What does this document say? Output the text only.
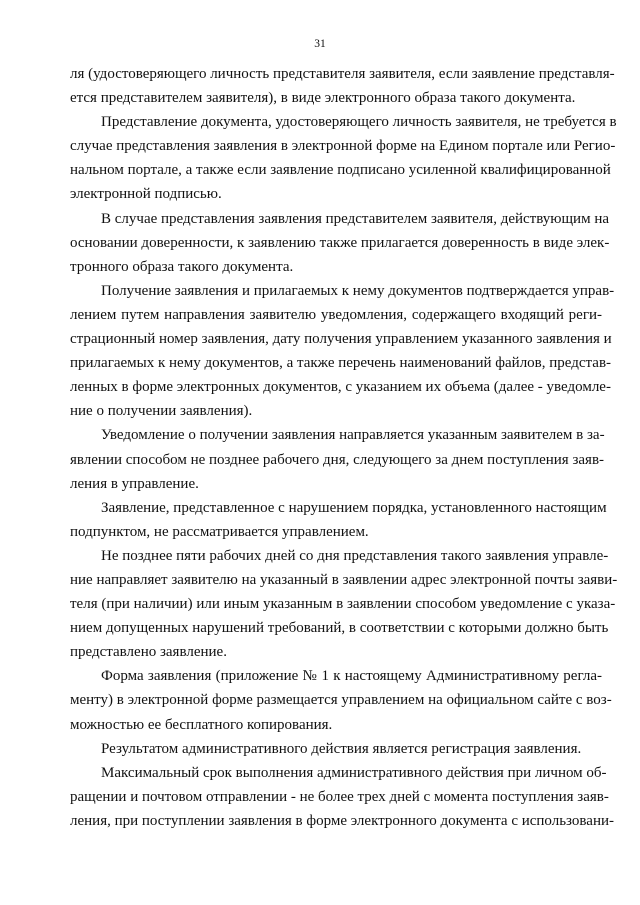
31
ля (удостоверяющего личность представителя заявителя, если заявление представля-
ется представителем заявителя), в виде электронного образа такого документа.
Представление документа, удостоверяющего личность заявителя, не требуется в
случае представления заявления в электронной форме на Едином портале или Регио-
нальном портале, а также если заявление подписано усиленной квалифицированной
электронной подписью.
В случае представления заявления представителем заявителя, действующим на
основании доверенности, к заявлению также прилагается доверенность в виде элек-
тронного образа такого документа.
Получение заявления и прилагаемых к нему документов подтверждается управ-
лением путем направления заявителю уведомления, содержащего входящий реги-
страционный номер заявления, дату получения управлением указанного заявления и
прилагаемых к нему документов, а также перечень наименований файлов, представ-
ленных в форме электронных документов, с указанием их объема (далее - уведомле-
ние о получении заявления).
Уведомление о получении заявления направляется указанным заявителем в за-
явлении способом не позднее рабочего дня, следующего за днем поступления заяв-
ления в управление.
Заявление, представленное с нарушением порядка, установленного настоящим
подпунктом, не рассматривается управлением.
Не позднее пяти рабочих дней со дня представления такого заявления управле-
ние направляет заявителю на указанный в заявлении адрес электронной почты заяви-
теля (при наличии) или иным указанным в заявлении способом уведомление с указа-
нием допущенных нарушений требований, в соответствии с которыми должно быть
представлено заявление.
Форма заявления (приложение № 1 к настоящему Административному регла-
менту) в электронной форме размещается управлением на официальном сайте с воз-
можностью ее бесплатного копирования.
Результатом административного действия является регистрация заявления.
Максимальный срок выполнения административного действия при личном об-
ращении и почтовом отправлении - не более трех дней с момента поступления заяв-
ления, при поступлении заявления в форме электронного документа с использовани-
